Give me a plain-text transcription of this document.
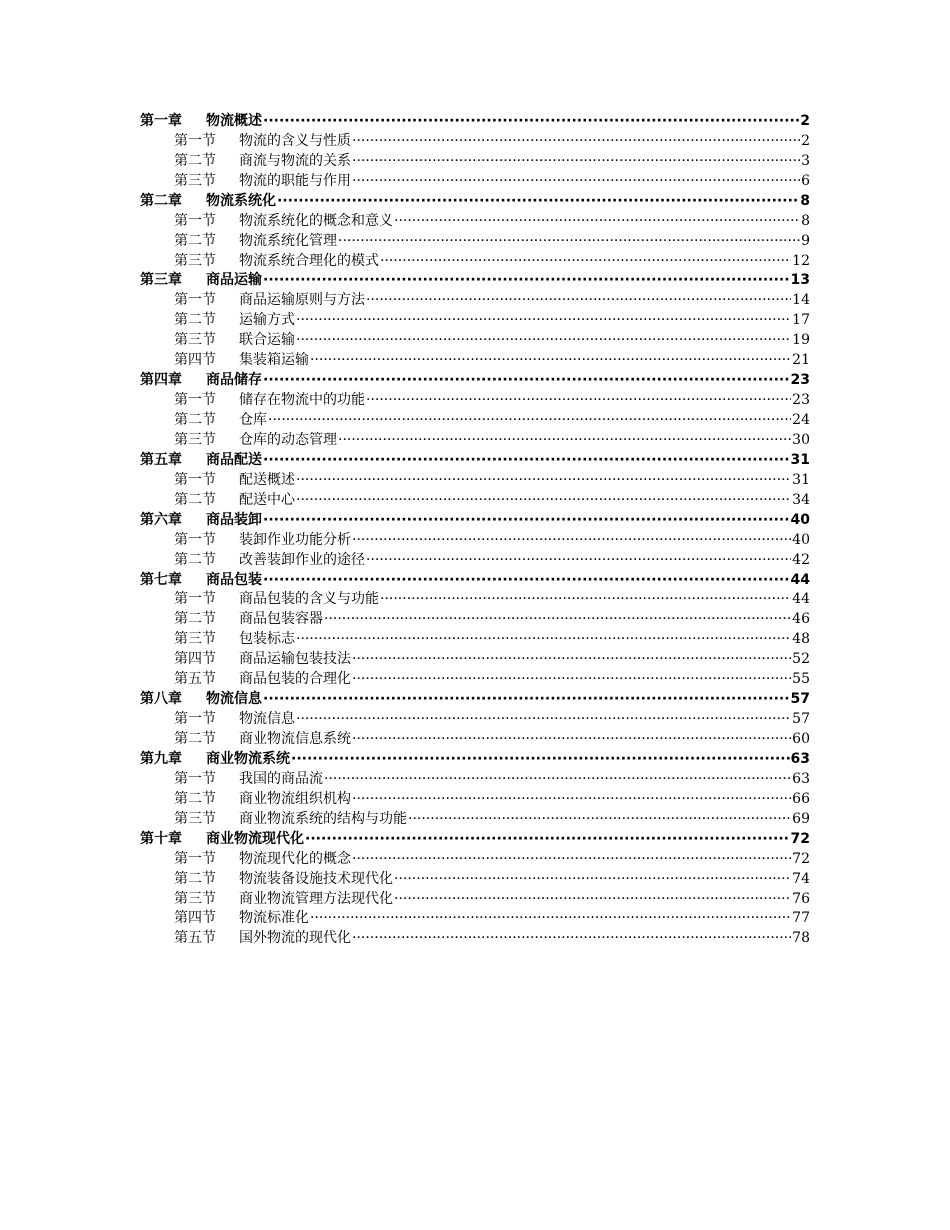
第一章	物流概述 ·····	2
第一节	物流的含义与性质 ·····	2
第二节	商流与物流的关系 ·····	3
第三节	物流的职能与作用 ·····	6
第二章	物流系统化 ·····	8
第一节	物流系统化的概念和意义 ·····	8
第二节	物流系统化管理 ·····	9
第三节	物流系统合理化的模式 ·····	12
第三章	商品运输 ·····	13
第一节	商品运输原则与方法 ·····	14
第二节	运输方式 ·····	17
第三节	联合运输 ·····	19
第四节	集装箱运输 ·····	21
第四章	商品储存 ·····	23
第一节	储存在物流中的功能 ·····	23
第二节	仓库 ·····	24
第三节	仓库的动态管理 ·····	30
第五章	商品配送 ·····	31
第一节	配送概述 ·····	31
第二节	配送中心 ·····	34
第六章	商品装卸 ·····	40
第一节	装卸作业功能分析 ·····	40
第二节	改善装卸作业的途径 ·····	42
第七章	商品包装 ·····	44
第一节	商品包装的含义与功能 ·····	44
第二节	商品包装容器 ·····	46
第三节	包装标志 ·····	48
第四节	商品运输包装技法 ·····	52
第五节	商品包装的合理化 ·····	55
第八章	物流信息 ·····	57
第一节	物流信息 ·····	57
第二节	商业物流信息系统 ·····	60
第九章	商业物流系统 ·····	63
第一节	我国的商品流 ·····	63
第二节	商业物流组织机构 ·····	66
第三节	商业物流系统的结构与功能 ·····	69
第十章	商业物流现代化 ·····	72
第一节	物流现代化的概念 ·····	72
第二节	物流装备设施技术现代化 ·····	74
第三节	商业物流管理方法现代化 ·····	76
第四节	物流标准化 ·····	77
第五节	国外物流的现代化 ·····	78
